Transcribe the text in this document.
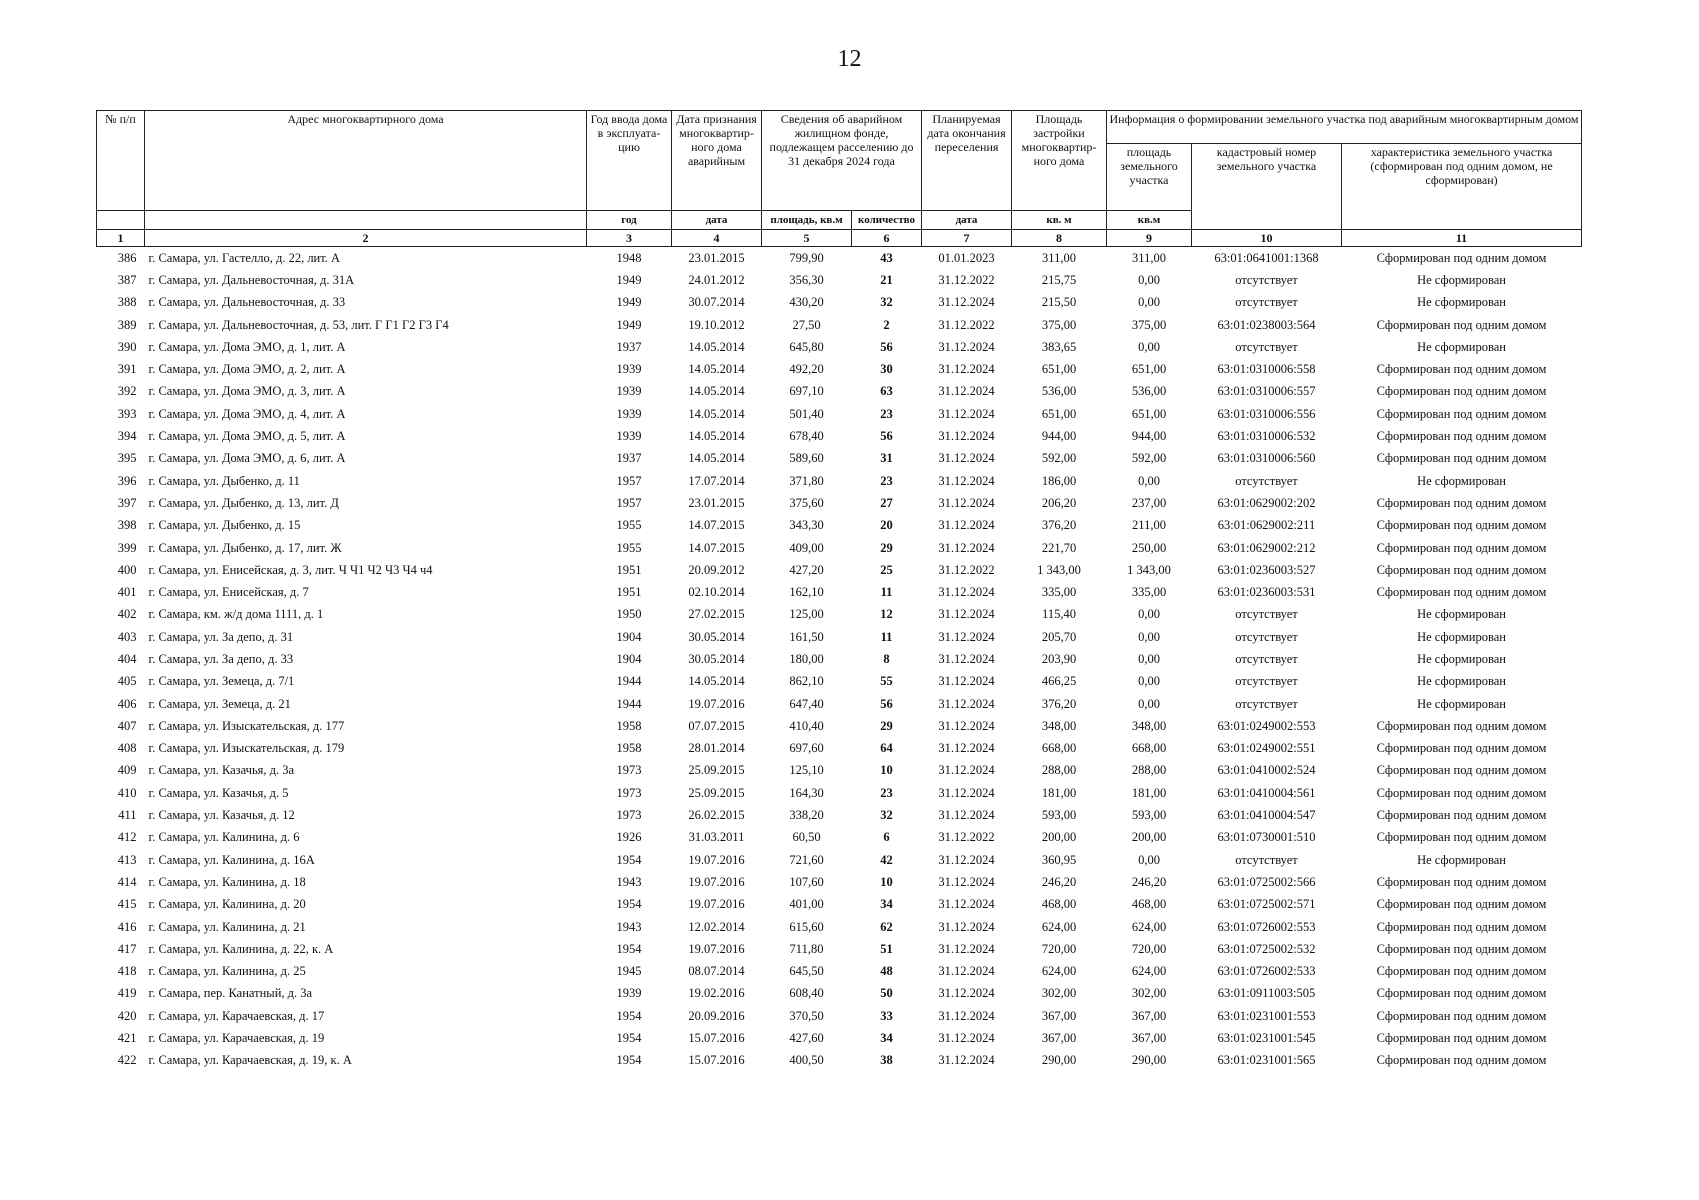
12
№ п/п	Адрес многоквартирного дома	Год ввода дома в эксплуата-цию	Дата признания многоквартир-ного дома аварийным	Сведения об аварийном жилищном фонде, подлежащем расселению до 31 декабря 2024 года		Планируемая дата окончания переселения	Площадь застройки многоквартир-ного дома	Информация о формировании земельного участка под аварийным многоквартирным домом		
								площадь земельного участка	кадастровый номер земельного участка	характеристика земельного участка (сформирован под одним домом, не сформирован)
		год	дата	площадь, кв.м	количество	дата	кв. м	кв.м		
1	2	3	4	5	6	7	8	9	10	11
386	г. Самара, ул. Гастелло, д. 22, лит. А	1948	23.01.2015	799,90	43	01.01.2023	311,00	311,00	63:01:0641001:1368	Сформирован под одним домом
387	г. Самара, ул. Дальневосточная, д. 31А	1949	24.01.2012	356,30	21	31.12.2022	215,75	0,00	отсутствует	Не сформирован
388	г. Самара, ул. Дальневосточная, д. 33	1949	30.07.2014	430,20	32	31.12.2024	215,50	0,00	отсутствует	Не сформирован
389	г. Самара, ул. Дальневосточная, д. 53, лит. Г Г1 Г2 Г3 Г4	1949	19.10.2012	27,50	2	31.12.2022	375,00	375,00	63:01:0238003:564	Сформирован под одним домом
390	г. Самара, ул. Дома ЭМО, д. 1, лит. А	1937	14.05.2014	645,80	56	31.12.2024	383,65	0,00	отсутствует	Не сформирован
391	г. Самара, ул. Дома ЭМО, д. 2, лит. А	1939	14.05.2014	492,20	30	31.12.2024	651,00	651,00	63:01:0310006:558	Сформирован под одним домом
392	г. Самара, ул. Дома ЭМО, д. 3, лит. А	1939	14.05.2014	697,10	63	31.12.2024	536,00	536,00	63:01:0310006:557	Сформирован под одним домом
393	г. Самара, ул. Дома ЭМО, д. 4, лит. А	1939	14.05.2014	501,40	23	31.12.2024	651,00	651,00	63:01:0310006:556	Сформирован под одним домом
394	г. Самара, ул. Дома ЭМО, д. 5, лит. А	1939	14.05.2014	678,40	56	31.12.2024	944,00	944,00	63:01:0310006:532	Сформирован под одним домом
395	г. Самара, ул. Дома ЭМО, д. 6, лит. А	1937	14.05.2014	589,60	31	31.12.2024	592,00	592,00	63:01:0310006:560	Сформирован под одним домом
396	г. Самара, ул. Дыбенко, д. 11	1957	17.07.2014	371,80	23	31.12.2024	186,00	0,00	отсутствует	Не сформирован
397	г. Самара, ул. Дыбенко, д. 13, лит. Д	1957	23.01.2015	375,60	27	31.12.2024	206,20	237,00	63:01:0629002:202	Сформирован под одним домом
398	г. Самара, ул. Дыбенко, д. 15	1955	14.07.2015	343,30	20	31.12.2024	376,20	211,00	63:01:0629002:211	Сформирован под одним домом
399	г. Самара, ул. Дыбенко, д. 17, лит. Ж	1955	14.07.2015	409,00	29	31.12.2024	221,70	250,00	63:01:0629002:212	Сформирован под одним домом
400	г. Самара, ул. Енисейская, д. 3, лит. Ч Ч1 Ч2 Ч3 Ч4 ч4	1951	20.09.2012	427,20	25	31.12.2022	1 343,00	1 343,00	63:01:0236003:527	Сформирован под одним домом
401	г. Самара, ул. Енисейская, д. 7	1951	02.10.2014	162,10	11	31.12.2024	335,00	335,00	63:01:0236003:531	Сформирован под одним домом
402	г. Самара, км. ж/д дома 1111, д. 1	1950	27.02.2015	125,00	12	31.12.2024	115,40	0,00	отсутствует	Не сформирован
403	г. Самара, ул. За депо, д. 31	1904	30.05.2014	161,50	11	31.12.2024	205,70	0,00	отсутствует	Не сформирован
404	г. Самара, ул. За депо, д. 33	1904	30.05.2014	180,00	8	31.12.2024	203,90	0,00	отсутствует	Не сформирован
405	г. Самара, ул. Земеца, д. 7/1	1944	14.05.2014	862,10	55	31.12.2024	466,25	0,00	отсутствует	Не сформирован
406	г. Самара, ул. Земеца, д. 21	1944	19.07.2016	647,40	56	31.12.2024	376,20	0,00	отсутствует	Не сформирован
407	г. Самара, ул. Изыскательская, д. 177	1958	07.07.2015	410,40	29	31.12.2024	348,00	348,00	63:01:0249002:553	Сформирован под одним домом
408	г. Самара, ул. Изыскательская, д. 179	1958	28.01.2014	697,60	64	31.12.2024	668,00	668,00	63:01:0249002:551	Сформирован под одним домом
409	г. Самара, ул. Казачья, д. 3а	1973	25.09.2015	125,10	10	31.12.2024	288,00	288,00	63:01:0410002:524	Сформирован под одним домом
410	г. Самара, ул. Казачья, д. 5	1973	25.09.2015	164,30	23	31.12.2024	181,00	181,00	63:01:0410004:561	Сформирован под одним домом
411	г. Самара, ул. Казачья, д. 12	1973	26.02.2015	338,20	32	31.12.2024	593,00	593,00	63:01:0410004:547	Сформирован под одним домом
412	г. Самара, ул. Калинина, д. 6	1926	31.03.2011	60,50	6	31.12.2022	200,00	200,00	63:01:0730001:510	Сформирован под одним домом
413	г. Самара, ул. Калинина, д. 16А	1954	19.07.2016	721,60	42	31.12.2024	360,95	0,00	отсутствует	Не сформирован
414	г. Самара, ул. Калинина, д. 18	1943	19.07.2016	107,60	10	31.12.2024	246,20	246,20	63:01:0725002:566	Сформирован под одним домом
415	г. Самара, ул. Калинина, д. 20	1954	19.07.2016	401,00	34	31.12.2024	468,00	468,00	63:01:0725002:571	Сформирован под одним домом
416	г. Самара, ул. Калинина, д. 21	1943	12.02.2014	615,60	62	31.12.2024	624,00	624,00	63:01:0726002:553	Сформирован под одним домом
417	г. Самара, ул. Калинина, д. 22, к. А	1954	19.07.2016	711,80	51	31.12.2024	720,00	720,00	63:01:0725002:532	Сформирован под одним домом
418	г. Самара, ул. Калинина, д. 25	1945	08.07.2014	645,50	48	31.12.2024	624,00	624,00	63:01:0726002:533	Сформирован под одним домом
419	г. Самара, пер. Канатный, д. 3а	1939	19.02.2016	608,40	50	31.12.2024	302,00	302,00	63:01:0911003:505	Сформирован под одним домом
420	г. Самара, ул. Карачаевская, д. 17	1954	20.09.2016	370,50	33	31.12.2024	367,00	367,00	63:01:0231001:553	Сформирован под одним домом
421	г. Самара, ул. Карачаевская, д. 19	1954	15.07.2016	427,60	34	31.12.2024	367,00	367,00	63:01:0231001:545	Сформирован под одним домом
422	г. Самара, ул. Карачаевская, д. 19, к. А	1954	15.07.2016	400,50	38	31.12.2024	290,00	290,00	63:01:0231001:565	Сформирован под одним домом
